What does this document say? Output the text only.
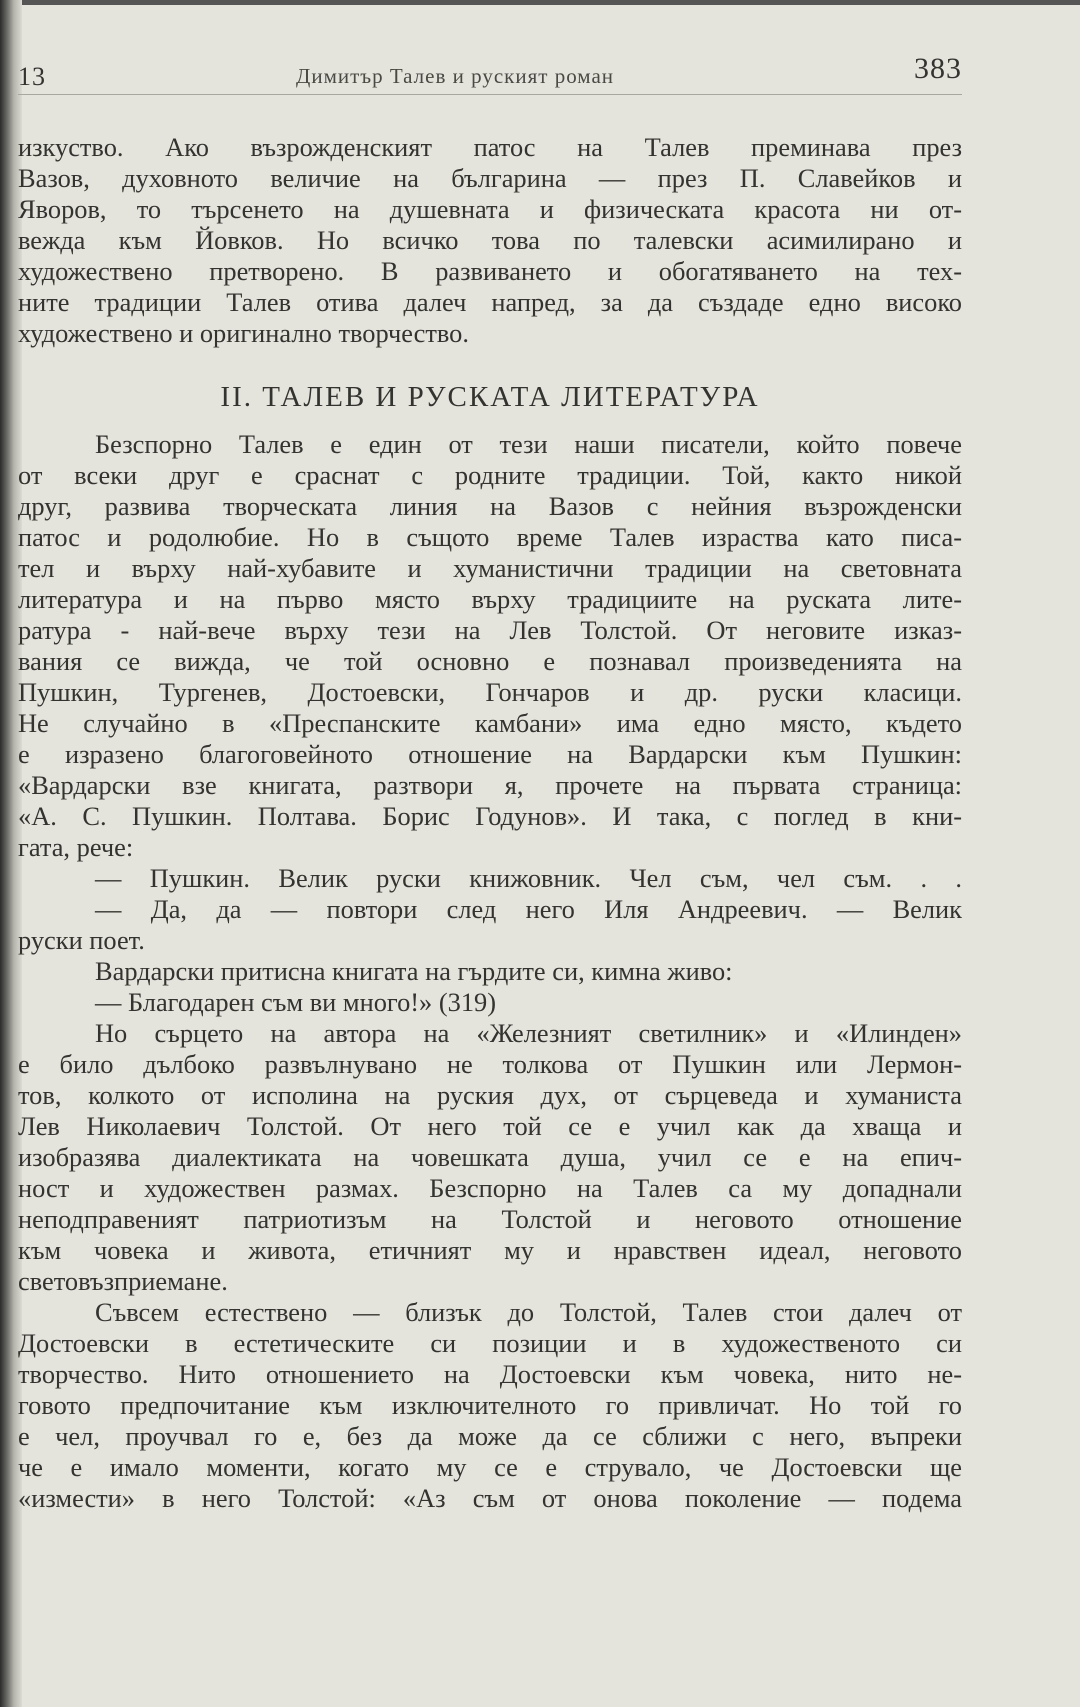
13	Димитър Талев и руският роман	383
изкуство. Ако възрожденският патос на Талев преминава през
Вазов, духовното величие на българина — през П. Славейков и
Яворов, то търсенето на душевната и физическата красота ни от-
вежда към Йовков. Но всичко това по талевски асимилирано и
художествено претворено. В развиването и обогатяването на тех-
ните традиции Талев отива далеч напред, за да създаде едно високо
художествено и оригинално творчество.
II. ТАЛЕВ И РУСКАТА ЛИТЕРАТУРА
Безспорно Талев е един от тези наши писатели, който повече
от всеки друг е сраснат с родните традиции. Той, както никой
друг, развива творческата линия на Вазов с нейния възрожденски
патос и родолюбие. Но в същото време Талев израства като писа-
тел и върху най-хубавите и хуманистични традиции на световната
литература и на първо място върху традициите на руската лите-
ратура - най-вече върху тези на Лев Толстой. От неговите изказ-
вания се вижда, че той основно е познавал произведенията на
Пушкин, Тургенев, Достоевски, Гончаров и др. руски класици.
Не случайно в «Преспанските камбани» има едно място, където
е изразено благоговейното отношение на Вардарски към Пушкин:
«Вардарски взе книгата, разтвори я, прочете на първата страница:
«А. С. Пушкин. Полтава. Борис Годунов». И така, с поглед в кни-
гата, рече:
— Пушкин. Велик руски книжовник. Чел съм, чел съм. . .
— Да, да — повтори след него Иля Андреевич. — Велик
руски поет.
Вардарски притисна книгата на гърдите си, кимна живо:
— Благодарен съм ви много!» (319)
Но сърцето на автора на «Железният светилник» и «Илинден»
е било дълбоко развълнувано не толкова от Пушкин или Лермон-
тов, колкото от исполина на руския дух, от сърцеведа и хуманиста
Лев Николаевич Толстой. От него той се е учил как да хваща и
изобразява диалектиката на човешката душа, учил се е на епич-
ност и художествен размах. Безспорно на Талев са му допаднали
неподправеният патриотизъм на Толстой и неговото отношение
към човека и живота, етичният му и нравствен идеал, неговото
световъзприемане.
Съвсем естествено — близък до Толстой, Талев стои далеч от
Достоевски в естетическите си позиции и в художественото си
творчество. Нито отношението на Достоевски към човека, нито не-
говото предпочитание към изключителното го привличат. Но той го
е чел, проучвал го е, без да може да се сближи с него, въпреки
че е имало моменти, когато му се е струвало, че Достоевски ще
«измести» в него Толстой: «Аз съм от онова поколение — подема
